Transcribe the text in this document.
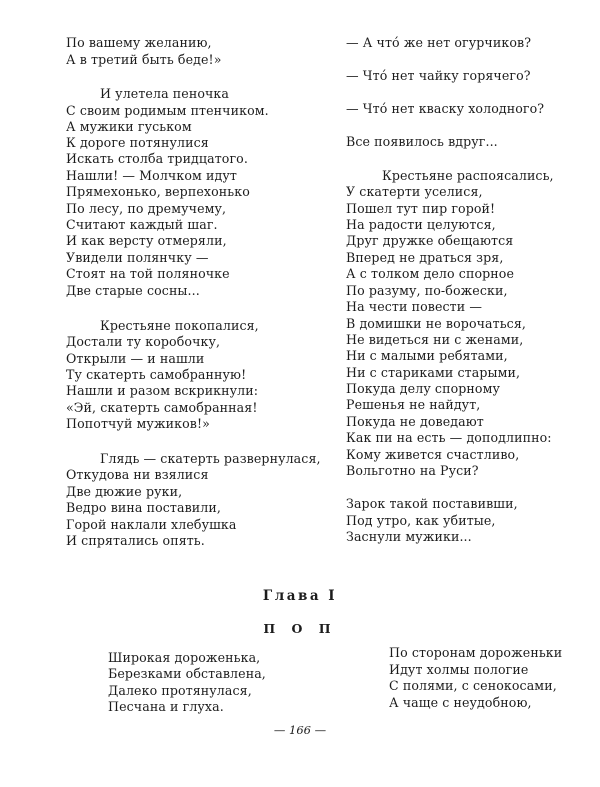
По вашему желанию,
А в третий быть беде!»
И улетела пеночка
С своим родимым птенчиком.
А мужики гуськом
К дороге потянулися
Искать столба тридцатого.
Нашли! — Молчком идут
Прямехонько, верпехонько
По лесу, по дремучему,
Считают каждый шаг.
И как версту отмеряли,
Увидели полянчку —
Стоят на той поляночке
Две старые сосны...
Крестьяне покопалися,
Достали ту коробочку,
Открыли — и нашли
Ту скатерть самобранную!
Нашли и разом вскрикнули:
«Эй, скатерть самобранная!
Попотчуй мужиков!»
Глядь — скатерть развернулася,
Откудова ни взялися
Две дюжие руки,
Ведро вина поставили,
Горой наклали хлебушка
И спрятались опять.
— А что́ же нет огурчиков?
— Что́ нет чайку горячего?
— Что́ нет кваску холодного?
Все появилось вдруг...
Крестьяне распоясались,
У скатерти уселися,
Пошел тут пир горой!
На радости целуются,
Друг дружке обещаются
Вперед не драться зря,
А с толком дело спорное
По разуму, по-божески,
На чести повести —
В домишки не ворочаться,
Не видеться ни с женами,
Ни с малыми ребятами,
Ни с стариками старыми,
Покуда делу спорному
Решенья не найдут,
Покуда не доведают
Как пи на есть — доподлипно:
Кому живется счастливо,
Вольготно на Руси?
Зарок такой поставивши,
Под утро, как убитые,
Заснули мужики...
Глава I
П О П
Широкая дороженька,
Березками обставлена,
Далеко протянулася,
Песчана и глуха.
По сторонам дороженьки
Идут холмы пологие
С полями, с сенокосами,
А чаще с неудобною,
— 166 —
